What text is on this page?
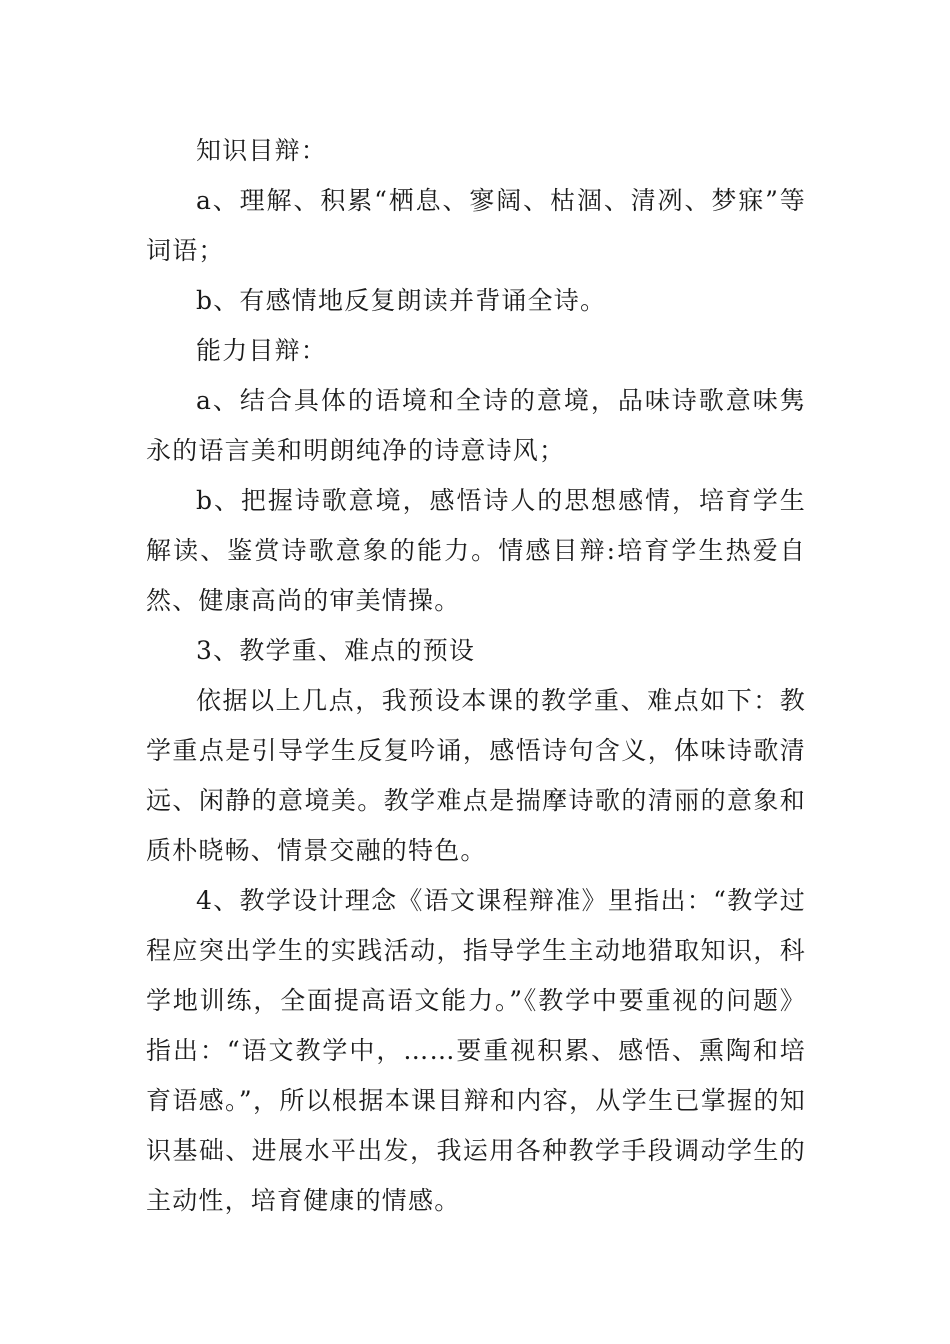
知识目辩：

a、理解、积累“栖息、寥阔、枯涸、清冽、梦寐”等词语；

b、有感情地反复朗读并背诵全诗。

能力目辩：

a、结合具体的语境和全诗的意境，品味诗歌意味隽永的语言美和明朗纯净的诗意诗风；

b、把握诗歌意境，感悟诗人的思想感情，培育学生解读、鉴赏诗歌意象的能力。情感目辩:培育学生热爱自然、健康高尚的审美情操。

3、教学重、难点的预设

依据以上几点，我预设本课的教学重、难点如下：教学重点是引导学生反复吟诵，感悟诗句含义，体味诗歌清远、闲静的意境美。教学难点是揣摩诗歌的清丽的意象和质朴晓畅、情景交融的特色。

4、教学设计理念《语文课程辩准》里指出：“教学过程应突出学生的实践活动，指导学生主动地猎取知识，科学地训练，全面提高语文能力。”《教学中要重视的问题》指出：“语文教学中，……要重视积累、感悟、熏陶和培育语感。”，所以根据本课目辩和内容，从学生已掌握的知识基础、进展水平出发，我运用各种教学手段调动学生的主动性，培育健康的情感。
